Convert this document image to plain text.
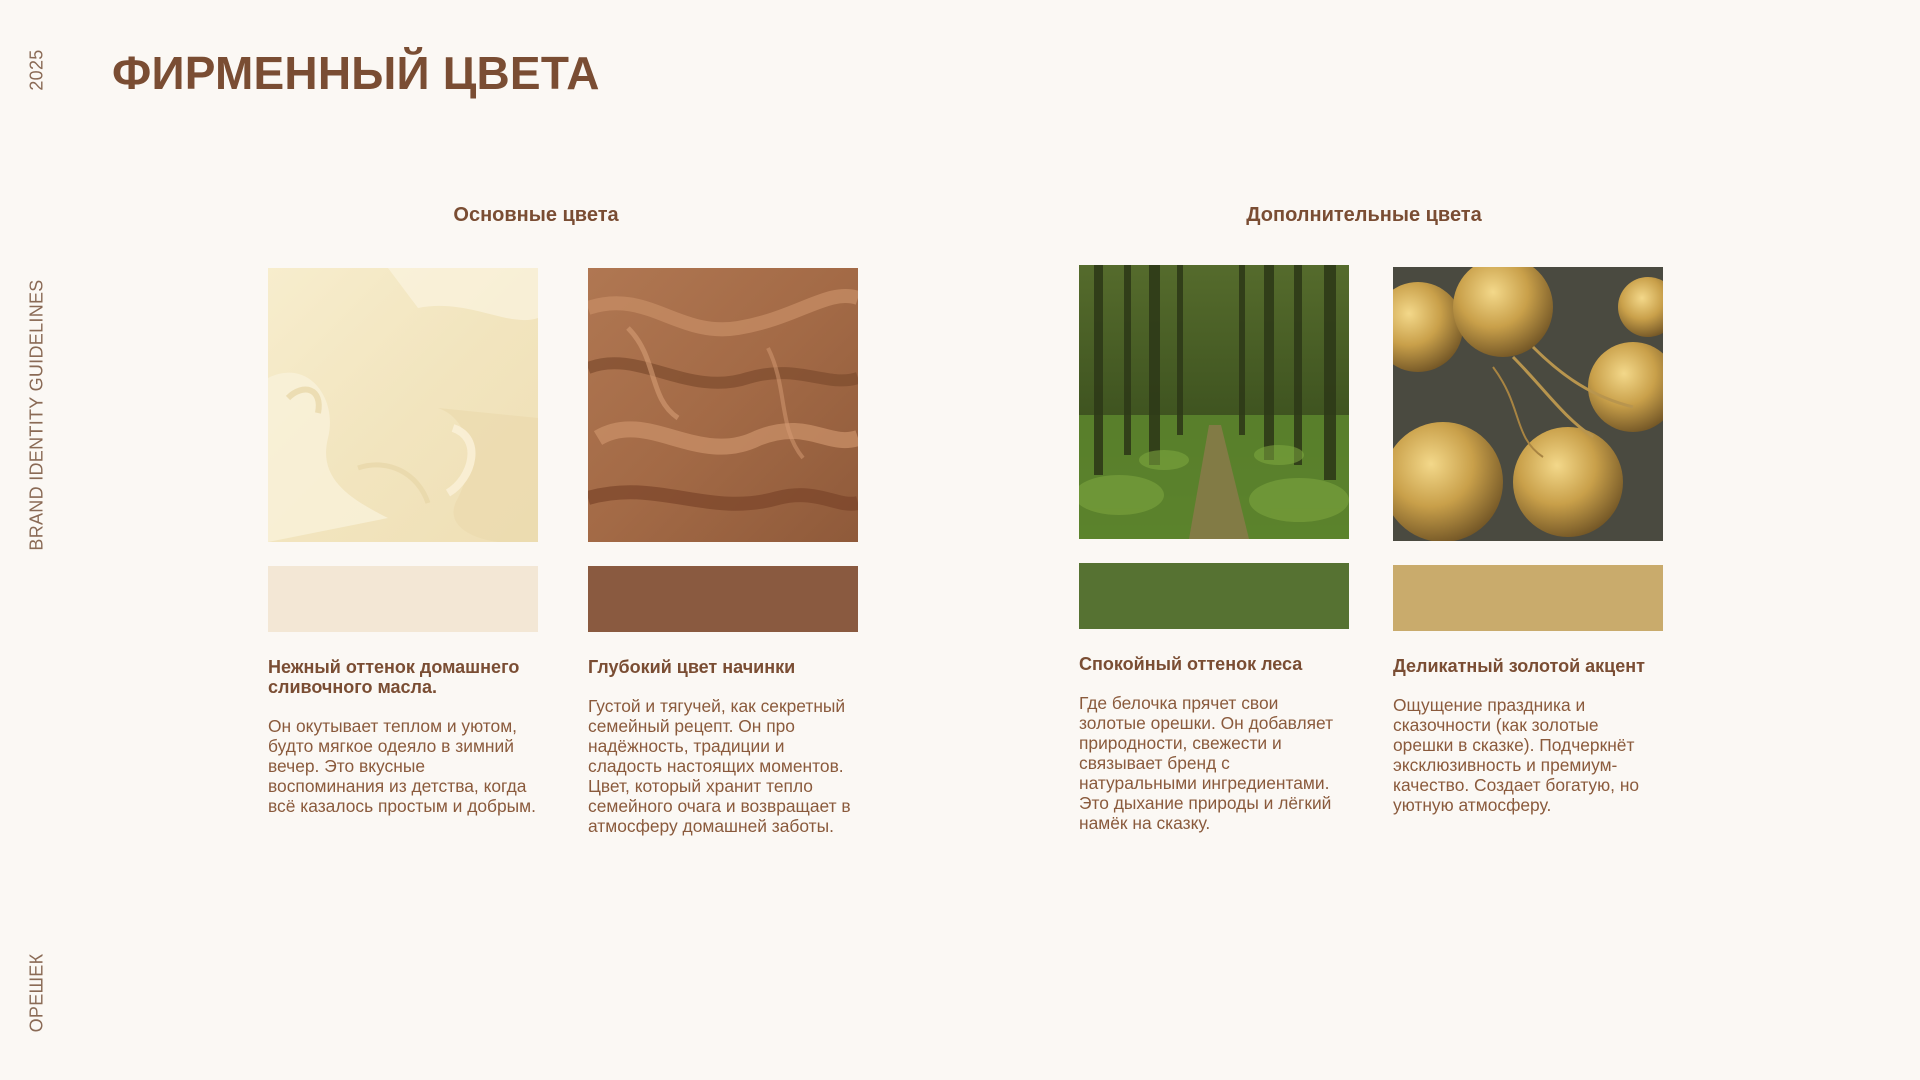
2025
BRAND IDENTITY GUIDELINES
ОРЕШЕК
ФИРМЕННЫЙ ЦВЕТА
Основные цвета	Дополнительные цвета
Нежный оттенок домашнего сливочного масла.
Он окутывает теплом и уютом, будто мягкое одеяло в зимний вечер. Это вкусные воспоминания из детства, когда всё казалось простым и добрым.
Глубокий цвет начинки
Густой и тягучей, как секретный семейный рецепт. Он про надёжность, традиции и сладость настоящих моментов. Цвет, который хранит тепло семейного очага и возвращает в атмосферу домашней заботы.
Спокойный оттенок леса
Где белочка прячет свои золотые орешки. Он добавляет природности, свежести и связывает бренд с натуральными ингредиентами. Это дыхание природы и лёгкий намёк на сказку.
Деликатный золотой акцент
Ощущение праздника и сказочности (как золотые орешки в сказке). Подчеркнёт эксклюзивность и премиум-качество. Создает богатую, но уютную атмосферу.
